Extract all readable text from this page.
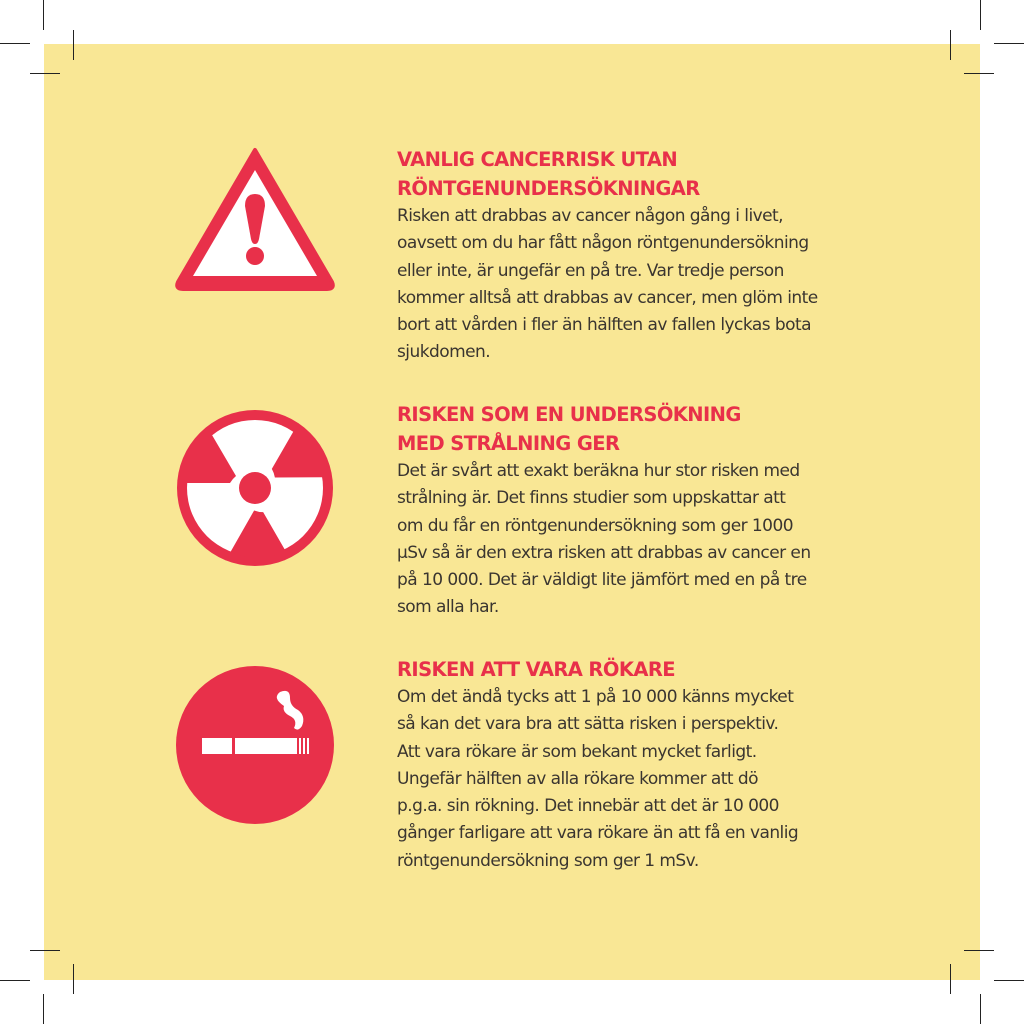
VANLIG CANCERRISK UTAN
RÖNTGENUNDERSÖKNINGAR

Risken att drabbas av cancer någon gång i livet,
oavsett om du har fått någon röntgenundersökning
eller inte, är ungefär en på tre. Var tredje person
kommer alltså att drabbas av cancer, men glöm inte
bort att vården i fler än hälften av fallen lyckas bota
sjukdomen.

RISKEN SOM EN UNDERSÖKNING
MED STRÅLNING GER

Det är svårt att exakt beräkna hur stor risken med
strålning är. Det finns studier som uppskattar att
om du får en röntgenundersökning som ger 1000
µSv så är den extra risken att drabbas av cancer en
på 10 000. Det är väldigt lite jämfört med en på tre
som alla har.

RISKEN ATT VARA RÖKARE

Om det ändå tycks att 1 på 10 000 känns mycket
så kan det vara bra att sätta risken i perspektiv.
Att vara rökare är som bekant mycket farligt.
Ungefär hälften av alla rökare kommer att dö
p.g.a. sin rökning. Det innebär att det är 10 000
gånger farligare att vara rökare än att få en vanlig
röntgenundersökning som ger 1 mSv.
